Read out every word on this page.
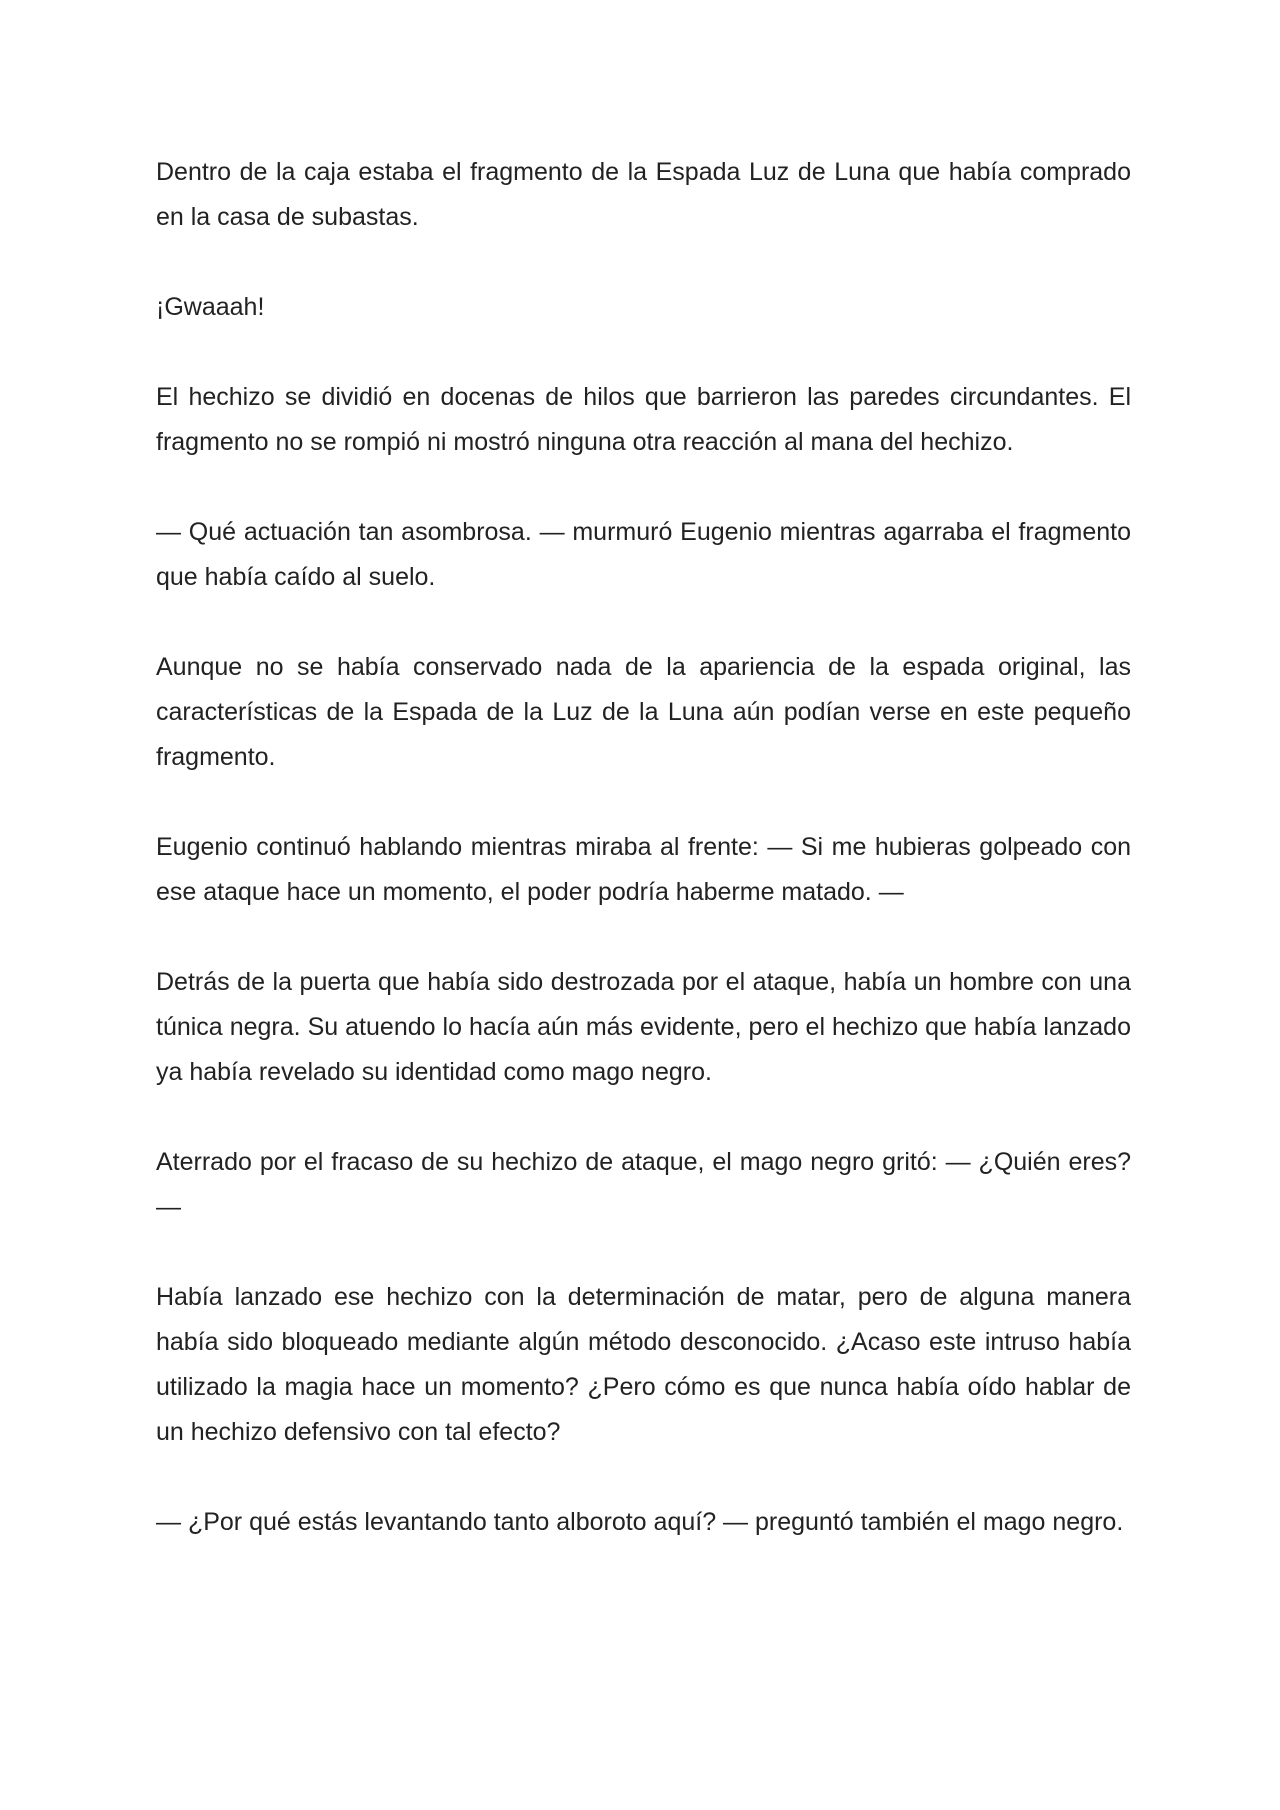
Dentro de la caja estaba el fragmento de la Espada Luz de Luna que había comprado en la casa de subastas.

¡Gwaaah!

El hechizo se dividió en docenas de hilos que barrieron las paredes circundantes. El fragmento no se rompió ni mostró ninguna otra reacción al mana del hechizo.

— Qué actuación tan asombrosa. — murmuró Eugenio mientras agarraba el fragmento que había caído al suelo.

Aunque no se había conservado nada de la apariencia de la espada original, las características de la Espada de la Luz de la Luna aún podían verse en este pequeño fragmento.

Eugenio continuó hablando mientras miraba al frente: — Si me hubieras golpeado con ese ataque hace un momento, el poder podría haberme matado. —

Detrás de la puerta que había sido destrozada por el ataque, había un hombre con una túnica negra. Su atuendo lo hacía aún más evidente, pero el hechizo que había lanzado ya había revelado su identidad como mago negro.

Aterrado por el fracaso de su hechizo de ataque, el mago negro gritó: — ¿Quién eres? —

Había lanzado ese hechizo con la determinación de matar, pero de alguna manera había sido bloqueado mediante algún método desconocido. ¿Acaso este intruso había utilizado la magia hace un momento? ¿Pero cómo es que nunca había oído hablar de un hechizo defensivo con tal efecto?

— ¿Por qué estás levantando tanto alboroto aquí? — preguntó también el mago negro.
